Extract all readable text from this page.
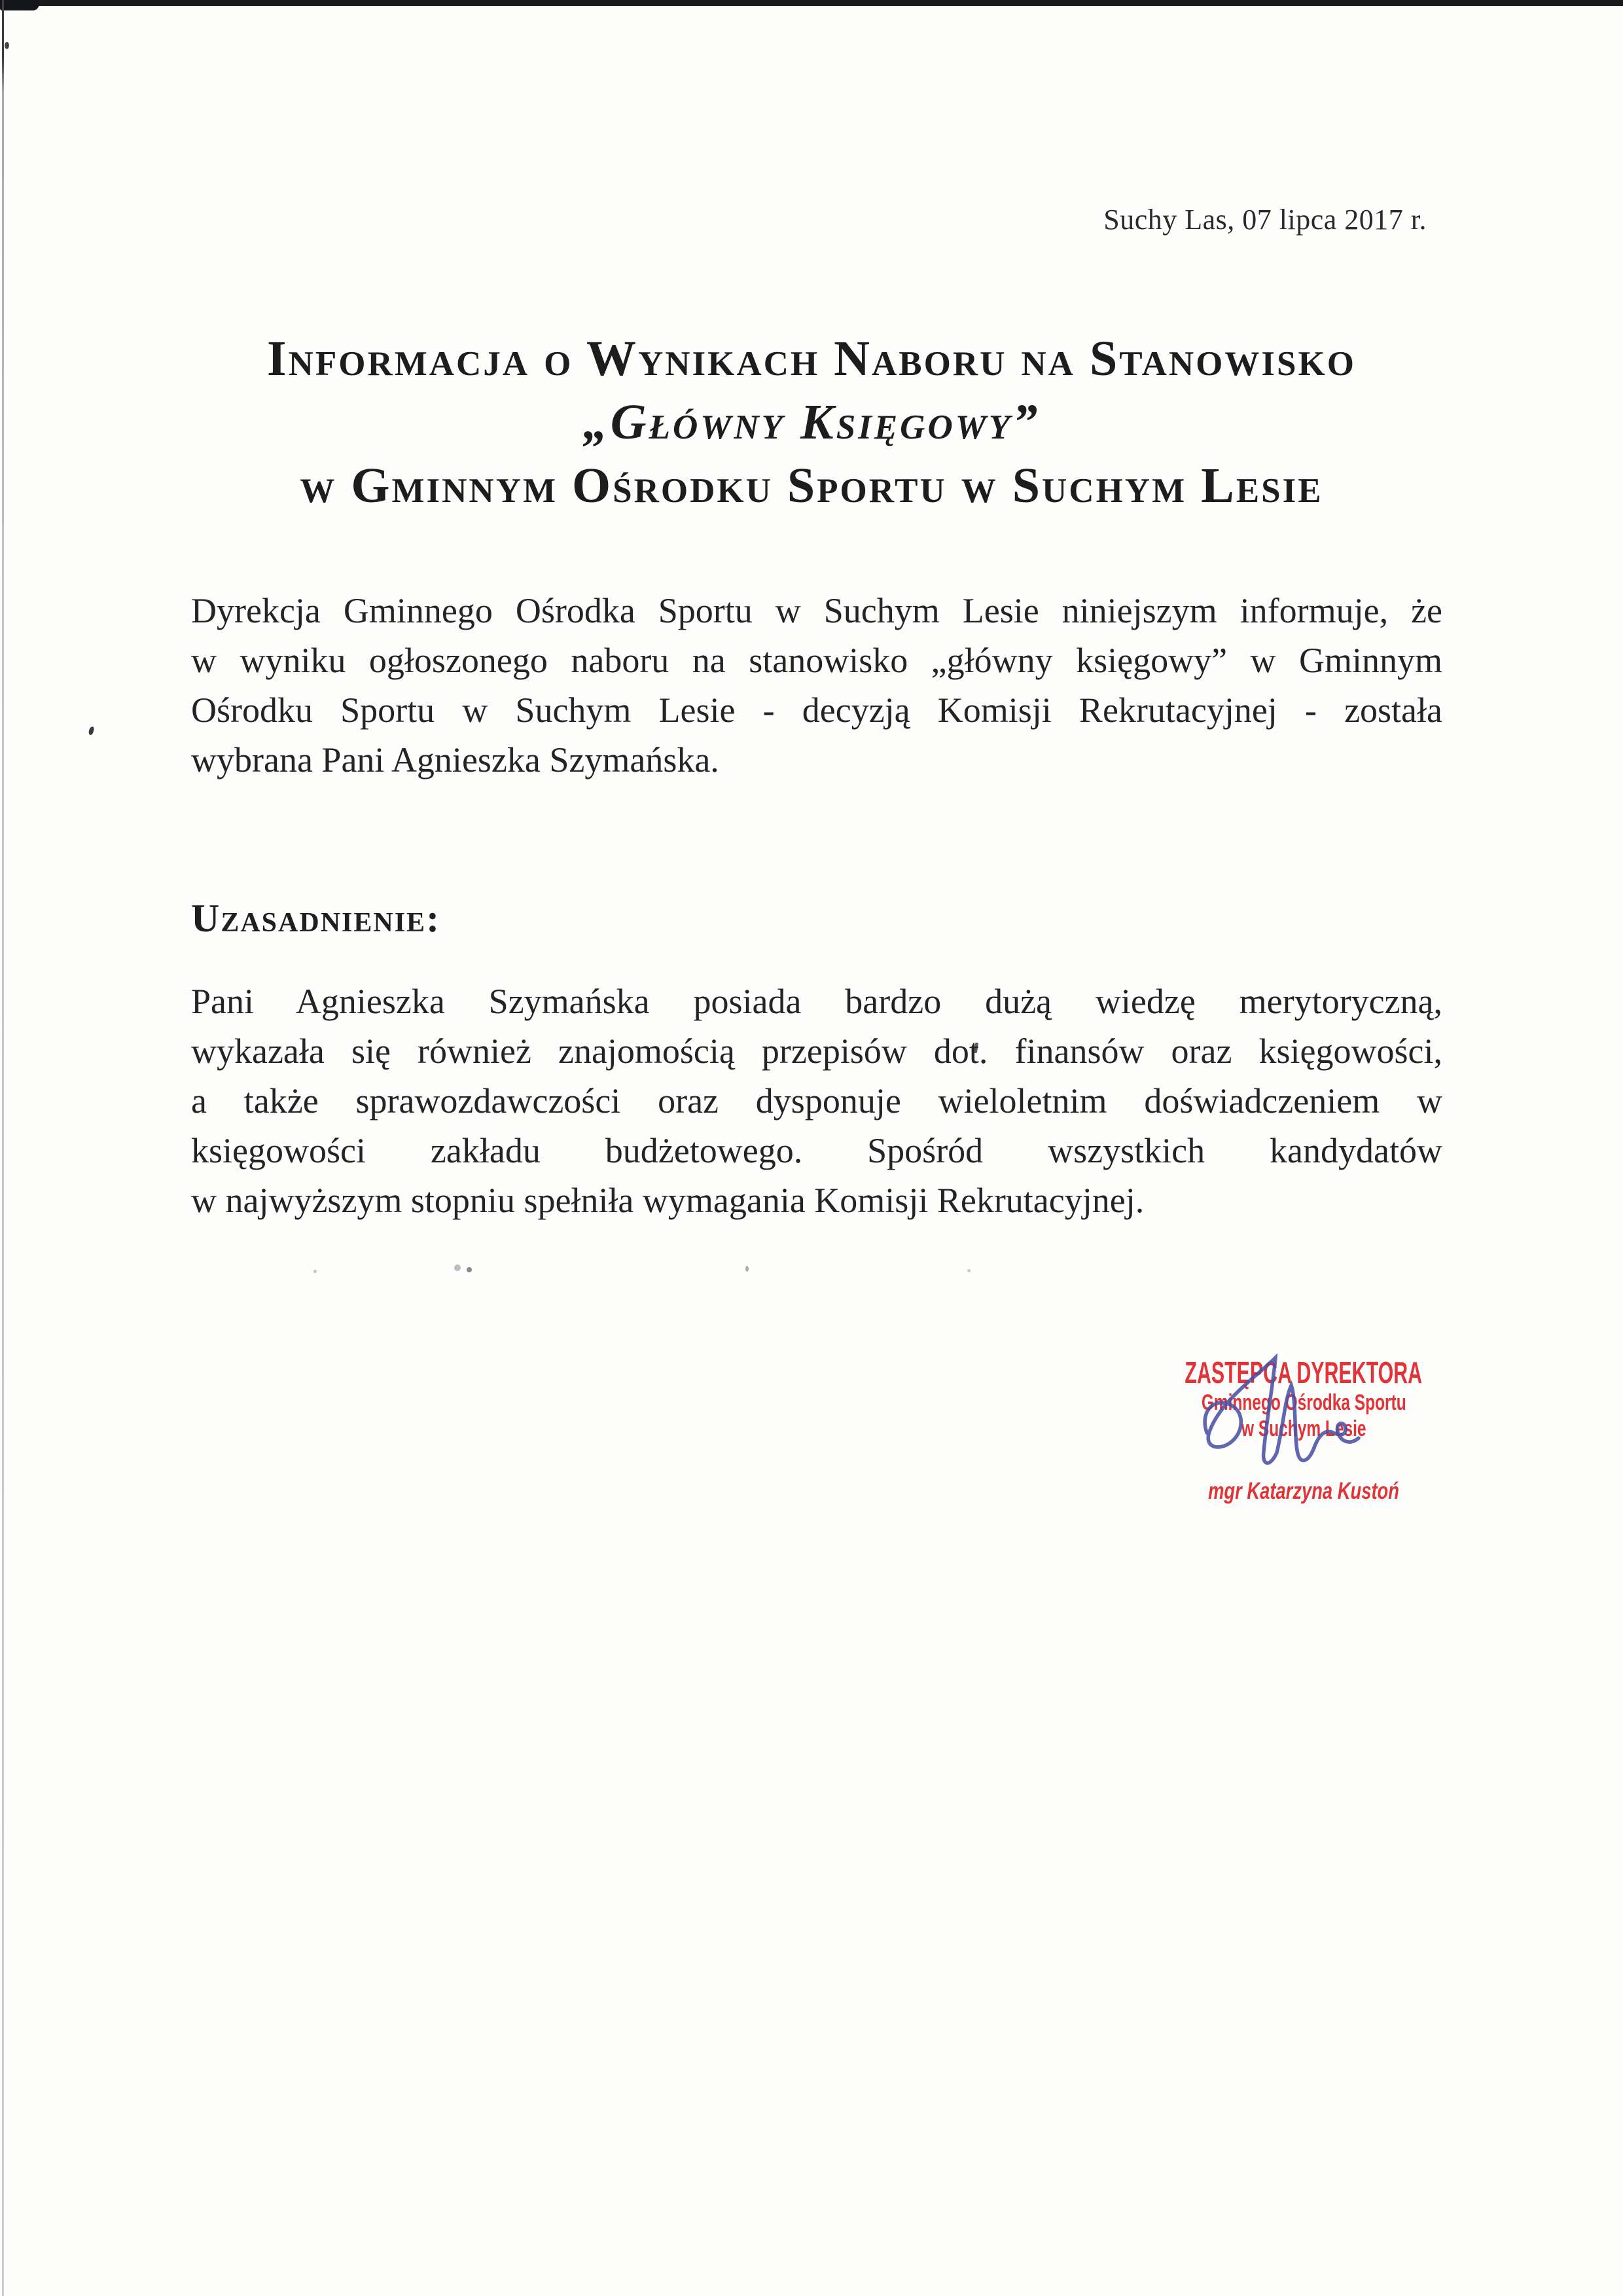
Suchy Las, 07 lipca 2017 r.
Informacja o Wynikach Naboru na Stanowisko
„Główny Księgowy”
w Gminnym Ośrodku Sportu w Suchym Lesie
Dyrekcja Gminnego Ośrodka Sportu w Suchym Lesie niniejszym informuje, że
w wyniku ogłoszonego naboru na stanowisko „główny księgowy” w Gminnym
Ośrodku Sportu w Suchym Lesie - decyzją Komisji Rekrutacyjnej - została
wybrana Pani Agnieszka Szymańska.
Uzasadnienie:
Pani Agnieszka Szymańska posiada bardzo dużą wiedzę merytoryczną,
wykazała się również znajomością przepisów dot. finansów oraz księgowości,
a także sprawozdawczości oraz dysponuje wieloletnim doświadczeniem w
księgowości zakładu budżetowego. Spośród wszystkich kandydatów
w najwyższym stopniu spełniła wymagania Komisji Rekrutacyjnej.
ZASTĘPCA DYREKTORA
Gminnego Ośrodka Sportu
w Suchym Lesie
mgr Katarzyna Kustoń
